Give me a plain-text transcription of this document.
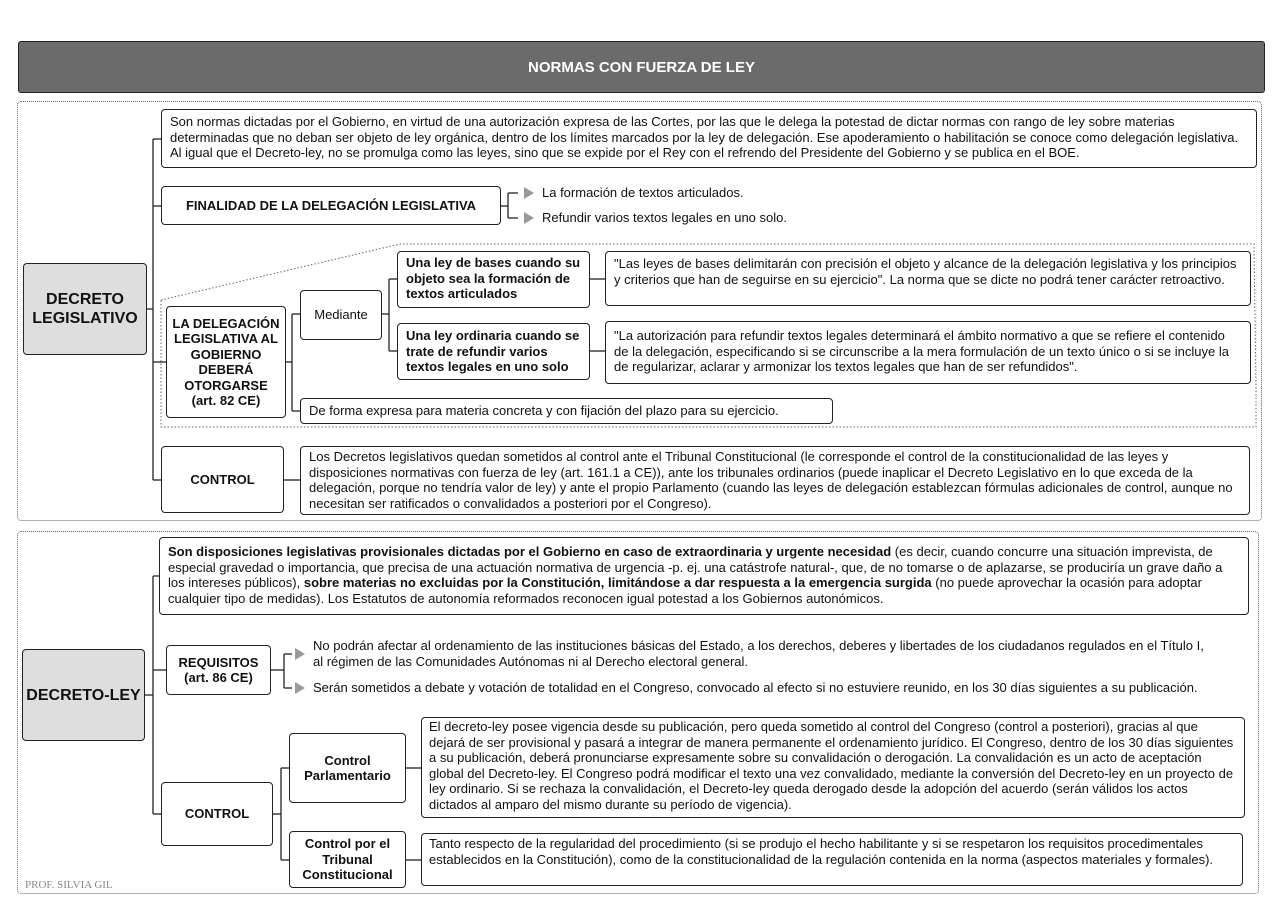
NORMAS CON FUERZA DE LEY
DECRETO LEGISLATIVO
Son normas dictadas por el Gobierno, en virtud de una autorización expresa de las Cortes, por las que le delega la potestad de dictar normas con rango de ley sobre materias determinadas que no deban ser objeto de ley orgánica, dentro de los límites marcados por la ley de delegación. Ese apoderamiento o habilitación se conoce como delegación legislativa. Al igual que el Decreto-ley, no se promulga como las leyes, sino que se expide por el Rey con el refrendo del Presidente del Gobierno y se publica en el BOE.
FINALIDAD DE LA DELEGACIÓN LEGISLATIVA
La formación de textos articulados.
Refundir varios textos legales en uno solo.
LA DELEGACIÓN LEGISLATIVA AL GOBIERNO DEBERÁ OTORGARSE (art. 82 CE)
Mediante
Una ley de bases cuando su objeto sea la formación de textos articulados
"Las leyes de bases delimitarán con precisión el objeto y alcance de la delegación legislativa y los principios y criterios que han de seguirse en su ejercicio". La norma que se dicte no podrá tener carácter retroactivo.
Una ley ordinaria cuando se trate de refundir varios textos legales en uno solo
"La autorización para refundir textos legales determinará el ámbito normativo a que se refiere el contenido de la delegación, especificando si se circunscribe a la mera formulación de un texto único o si se incluye la de regularizar, aclarar y armonizar los textos legales que han de ser refundidos".
De forma expresa para materia concreta y con fijación del plazo para su ejercicio.
CONTROL
Los Decretos legislativos quedan sometidos al control ante el Tribunal Constitucional (le corresponde el control de la constitucionalidad de las leyes y disposiciones normativas con fuerza de ley (art. 161.1 a CE)), ante los tribunales ordinarios (puede inaplicar el Decreto Legislativo en lo que exceda de la delegación, porque no tendría valor de ley) y ante el propio Parlamento (cuando las leyes de delegación establezcan fórmulas adicionales de control, aunque no necesitan ser ratificados o convalidados a posteriori por el Congreso).
DECRETO-LEY
Son disposiciones legislativas provisionales dictadas por el Gobierno en caso de extraordinaria y urgente necesidad (es decir, cuando concurre una situación imprevista, de especial gravedad o importancia, que precisa de una actuación normativa de urgencia -p. ej. una catástrofe natural-, que, de no tomarse o de aplazarse, se produciría un grave daño a los intereses públicos), sobre materias no excluidas por la Constitución, limitándose a dar respuesta a la emergencia surgida (no puede aprovechar la ocasión para adoptar cualquier tipo de medidas). Los Estatutos de autonomía reformados reconocen igual potestad a los Gobiernos autonómicos.
REQUISITOS (art. 86 CE)
No podrán afectar al ordenamiento de las instituciones básicas del Estado, a los derechos, deberes y libertades de los ciudadanos regulados en el Título I, al régimen de las Comunidades Autónomas ni al Derecho electoral general.
Serán sometidos a debate y votación de totalidad en el Congreso, convocado al efecto si no estuviere reunido, en los 30 días siguientes a su publicación.
CONTROL
Control Parlamentario
El decreto-ley posee vigencia desde su publicación, pero queda sometido al control del Congreso (control a posteriori), gracias al que dejará de ser provisional y pasará a integrar de manera permanente el ordenamiento jurídico. El Congreso, dentro de los 30 días siguientes a su publicación, deberá pronunciarse expresamente sobre su convalidación o derogación. La convalidación es un acto de aceptación global del Decreto-ley. El Congreso podrá modificar el texto una vez convalidado, mediante la conversión del Decreto-ley en un proyecto de ley ordinario. Si se rechaza la convalidación, el Decreto-ley queda derogado desde la adopción del acuerdo (serán válidos los actos dictados al amparo del mismo durante su período de vigencia).
Control por el Tribunal Constitucional
Tanto respecto de la regularidad del procedimiento (si se produjo el hecho habilitante y si se respetaron los requisitos procedimentales establecidos en la Constitución), como de la constitucionalidad de la regulación contenida en la norma (aspectos materiales y formales).
PROF. SILVIA GIL
